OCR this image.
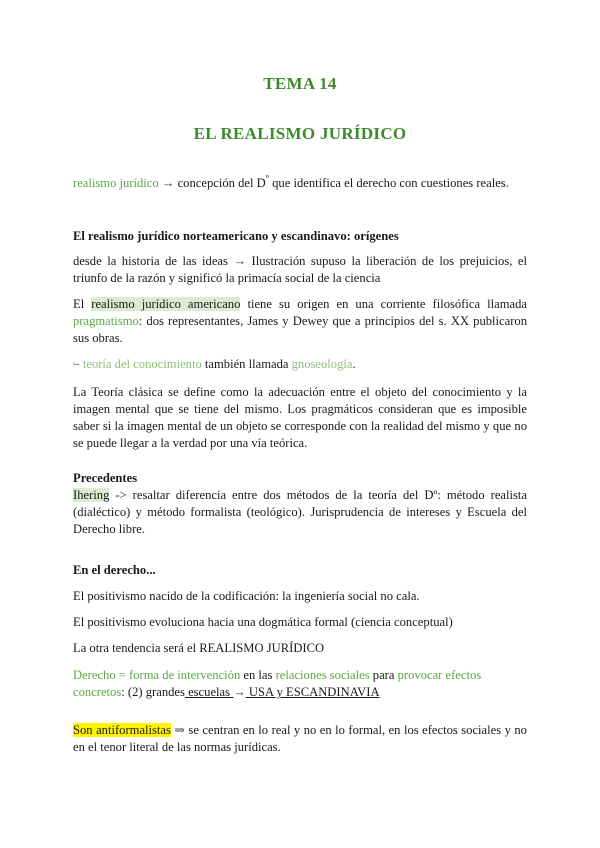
TEMA 14
EL REALISMO JURÍDICO
realismo jurídico → concepción del $D^º$ que identifica el derecho con cuestiones reales.
El realismo jurídico norteamericano y escandinavo: orígenes
desde la historia de las ideas → Ilustración supuso la liberación de los prejuicios, el triunfo de la razón y significó la primacía social de la ciencia
El realismo jurídico americano tiene su origen en una corriente filosófica llamada pragmatismo: dos representantes, James y Dewey que a principios del s. XX publicaron sus obras.
↪ teoría del conocimiento también llamada gnoseología.
La Teoría clásica se define como la adecuación entre el objeto del conocimiento y la imagen mental que se tiene del mismo. Los pragmáticos consideran que es imposible saber si la imagen mental de un objeto se corresponde con la realidad del mismo y que no se puede llegar a la verdad por una vía teórica.
Precedentes
Ihering -> resaltar diferencia entre dos métodos de la teoría del Dº: método realista (dialéctico) y método formalista (teológico). Jurisprudencia de intereses y Escuela del Derecho libre.
En el derecho...
El positivismo nacido de la codificación: la ingeniería social no cala.
El positivismo evoluciona hacia una dogmática formal (ciencia conceptual)
La otra tendencia será el REALISMO JURÍDICO
Derecho = forma de intervención en las relaciones sociales para provocar efectos concretos: (2) grandes escuelas → USA y ESCANDINAVIA
Son antiformalistas ⇒ se centran en lo real y no en lo formal, en los efectos sociales y no en el tenor literal de las normas jurídicas.
